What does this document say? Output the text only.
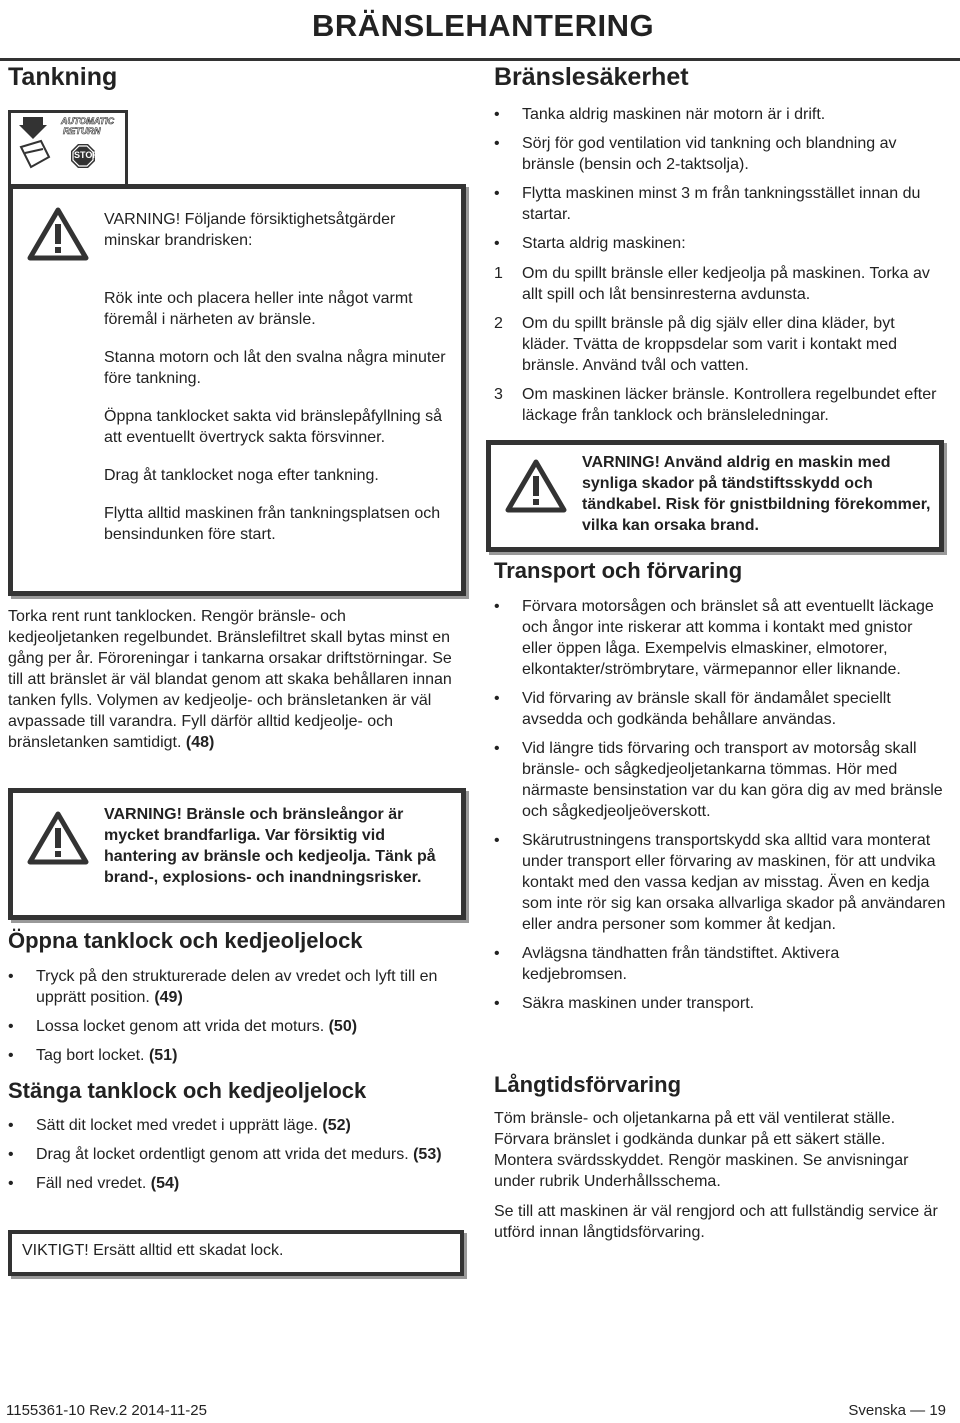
BRÄNSLEHANTERING
Tankning
AUTOMATIC
RETURN
STOP

VARNING! Följande försiktighetsåtgärder minskar brandrisken:

Rök inte och placera heller inte något varmt föremål i närheten av bränsle.

Stanna motorn och låt den svalna några minuter före tankning.

Öppna tanklocket sakta vid bränslepåfyllning så att eventuellt övertryck sakta försvinner.

Drag åt tanklocket noga efter tankning.

Flytta alltid maskinen från tankningsplatsen och bensindunken före start.

Torka rent runt tanklocken. Rengör bränsle- och kedjeoljetanken regelbundet. Bränslefiltret skall bytas minst en gång per år. Föroreningar i tankarna orsakar driftstörningar. Se till att bränslet är väl blandat genom att skaka behållaren innan tanken fylls. Volymen av kedjeolje- och bränsletanken är väl avpassade till varandra. Fyll därför alltid kedjeolje- och bränsletanken samtidigt. (48)

VARNING! Bränsle och bränsleångor är mycket brandfarliga. Var försiktig vid hantering av bränsle och kedjeolja. Tänk på brand-, explosions- och inandningsrisker.
Öppna tanklock och kedjeoljelock
• Tryck på den strukturerade delen av vredet och lyft till en upprätt position. (49)
• Lossa locket genom att vrida det moturs. (50)
• Tag bort locket. (51)
Stänga tanklock och kedjeoljelock
• Sätt dit locket med vredet i upprätt läge. (52)
• Drag åt locket ordentligt genom att vrida det medurs. (53)
• Fäll ned vredet. (54)
VIKTIGT! Ersätt alltid ett skadat lock.
Bränslesäkerhet
• Tanka aldrig maskinen när motorn är i drift.
• Sörj för god ventilation vid tankning och blandning av bränsle (bensin och 2-taktsolja).
• Flytta maskinen minst 3 m från tankningsstället innan du startar.
• Starta aldrig maskinen:
1 Om du spillt bränsle eller kedjeolja på maskinen. Torka av allt spill och låt bensinresterna avdunsta.
2 Om du spillt bränsle på dig själv eller dina kläder, byt kläder. Tvätta de kroppsdelar som varit i kontakt med bränsle. Använd tvål och vatten.
3 Om maskinen läcker bränsle. Kontrollera regelbundet efter läckage från tanklock och bränsleledningar.
VARNING! Använd aldrig en maskin med synliga skador på tändstiftsskydd och tändkabel. Risk för gnistbildning förekommer, vilka kan orsaka brand.
Transport och förvaring
• Förvara motorsågen och bränslet så att eventuellt läckage och ångor inte riskerar att komma i kontakt med gnistor eller öppen låga. Exempelvis elmaskiner, elmotorer, elkontakter/strömbrytare, värmepannor eller liknande.
• Vid förvaring av bränsle skall för ändamålet speciellt avsedda och godkända behållare användas.
• Vid längre tids förvaring och transport av motorsåg skall bränsle- och sågkedjeoljetankarna tömmas. Hör med närmaste bensinstation var du kan göra dig av med bränsle och sågkedjeoljeöverskott.
• Skärutrustningens transportskydd ska alltid vara monterat under transport eller förvaring av maskinen, för att undvika kontakt med den vassa kedjan av misstag. Även en kedja som inte rör sig kan orsaka allvarliga skador på användaren eller andra personer som kommer åt kedjan.
• Avlägsna tändhatten från tändstiftet. Aktivera kedjebromsen.
• Säkra maskinen under transport.
Långtidsförvaring

Töm bränsle- och oljetankarna på ett väl ventilerat ställe. Förvara bränslet i godkända dunkar på ett säkert ställe. Montera svärdsskyddet. Rengör maskinen. Se anvisningar under rubrik Underhållsschema.

Se till att maskinen är väl rengjord och att fullständig service är utförd innan långtidsförvaring.

1155361-10 Rev.2 2014-11-25	Svenska — 19
